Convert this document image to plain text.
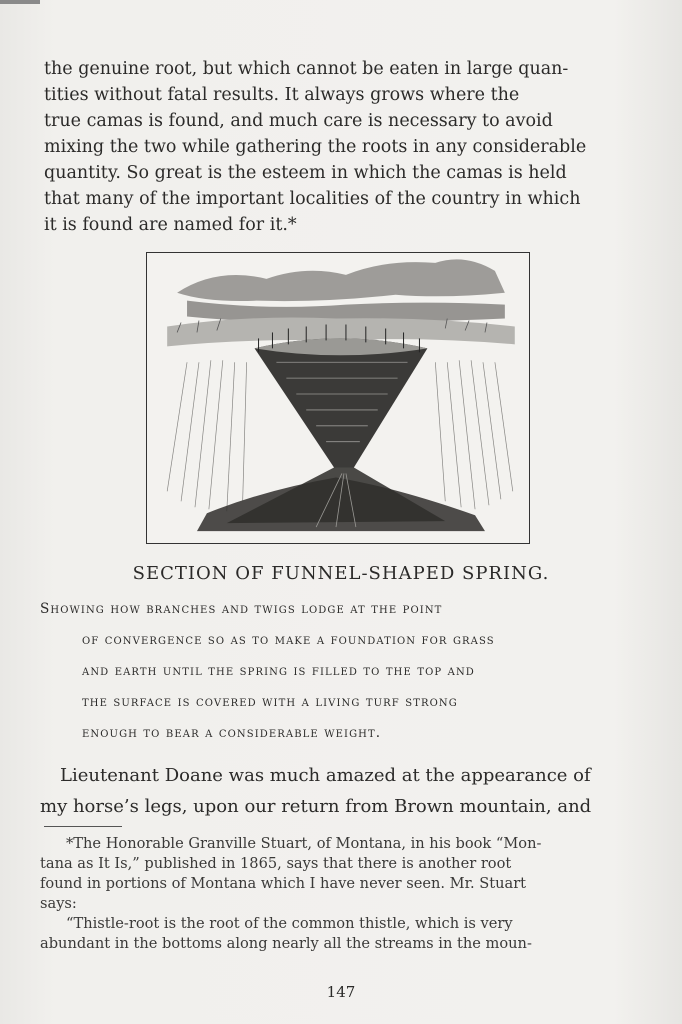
the genuine root, but which cannot be eaten in large quan-
tities without fatal results. It always grows where the
true camas is found, and much care is necessary to avoid
mixing the two while gathering the roots in any considerable
quantity. So great is the esteem in which the camas is held
that many of the important localities of the country in which
it is found are named for it.*

SECTION OF FUNNEL-SHAPED SPRING.

Showing how branches and twigs lodge at the point
of convergence so as to make a foundation for grass
and earth until the spring is filled to the top and
the surface is covered with a living turf strong
enough to bear a considerable weight.
Lieutenant Doane was much amazed at the appearance of
my horse’s legs, upon our return from Brown mountain, and
*The Honorable Granville Stuart, of Montana, in his book “Mon-
tana as It Is,” published in 1865, says that there is another root
found in portions of Montana which I have never seen. Mr. Stuart
says:
“Thistle-root is the root of the common thistle, which is very
abundant in the bottoms along nearly all the streams in the moun-

147
